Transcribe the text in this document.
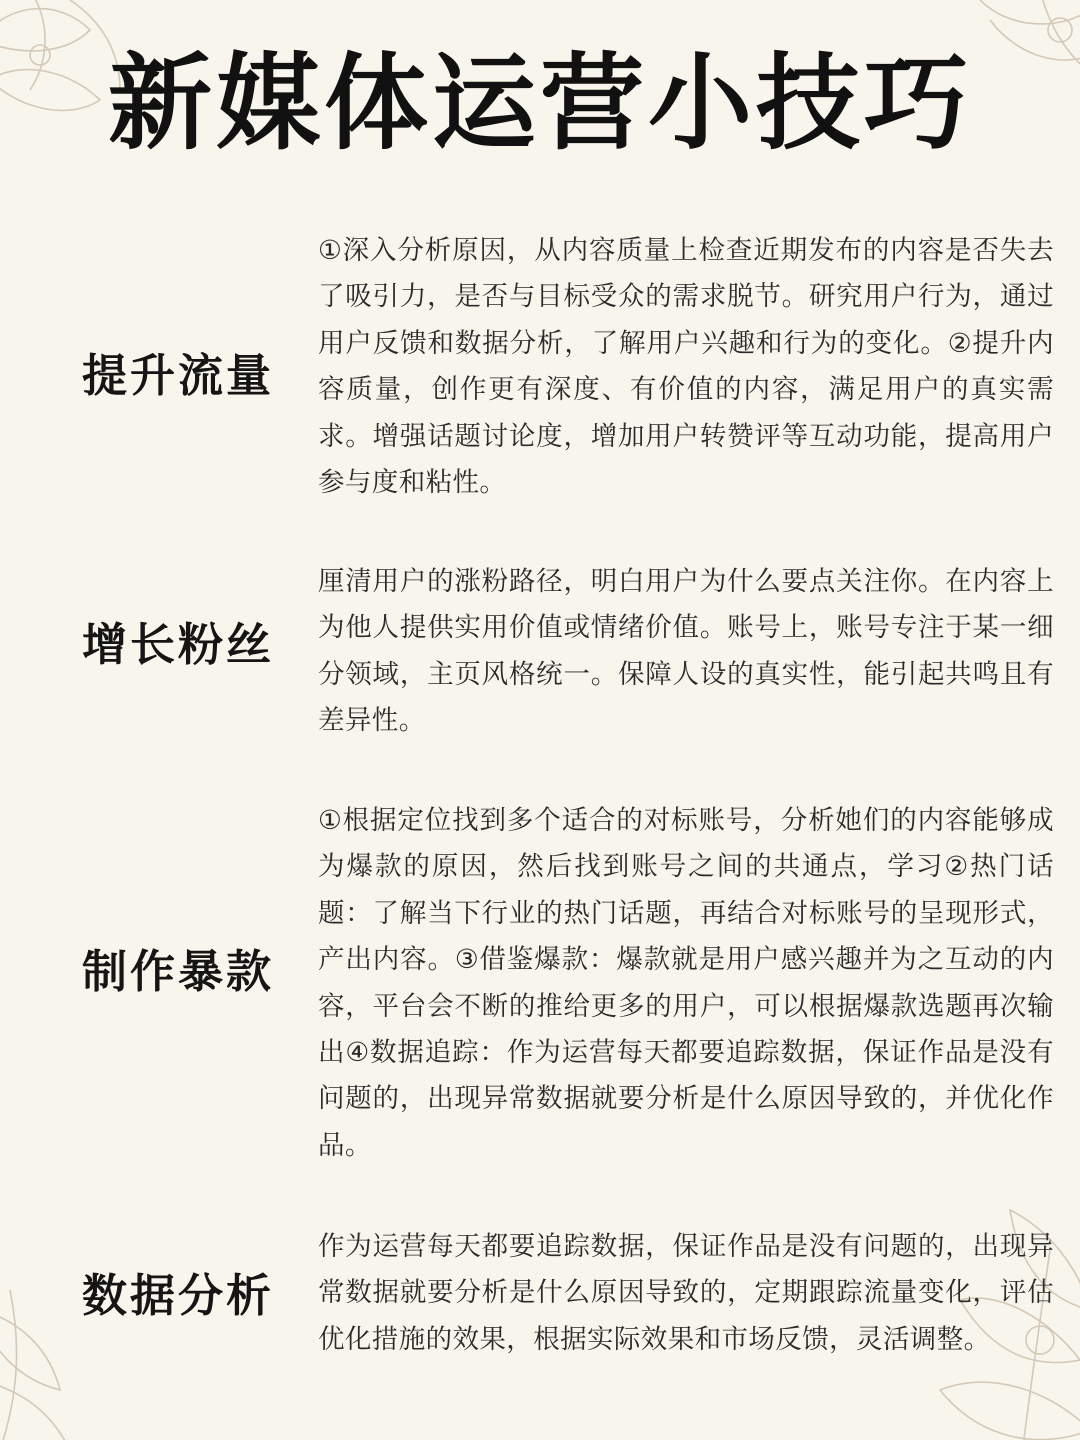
新媒体运营小技巧
提升流量
①深入分析原因，从内容质量上检查近期发布的内容是否失去了吸引力，是否与目标受众的需求脱节。研究用户行为，通过用户反馈和数据分析，了解用户兴趣和行为的变化。②提升内容质量，创作更有深度、有价值的内容，满足用户的真实需求。增强话题讨论度，增加用户转赞评等互动功能，提高用户参与度和粘性。
增长粉丝
厘清用户的涨粉路径，明白用户为什么要点关注你。在内容上为他人提供实用价值或情绪价值。账号上，账号专注于某一细分领域，主页风格统一。保障人设的真实性，能引起共鸣且有差异性。
制作暴款
①根据定位找到多个适合的对标账号，分析她们的内容能够成为爆款的原因，然后找到账号之间的共通点，学习②热门话题：了解当下行业的热门话题，再结合对标账号的呈现形式，产出内容。③借鉴爆款：爆款就是用户感兴趣并为之互动的内容，平台会不断的推给更多的用户，可以根据爆款选题再次输出④数据追踪：作为运营每天都要追踪数据，保证作品是没有问题的，出现异常数据就要分析是什么原因导致的，并优化作品。
数据分析
作为运营每天都要追踪数据，保证作品是没有问题的，出现异常数据就要分析是什么原因导致的，定期跟踪流量变化，评估优化措施的效果，根据实际效果和市场反馈，灵活调整。
